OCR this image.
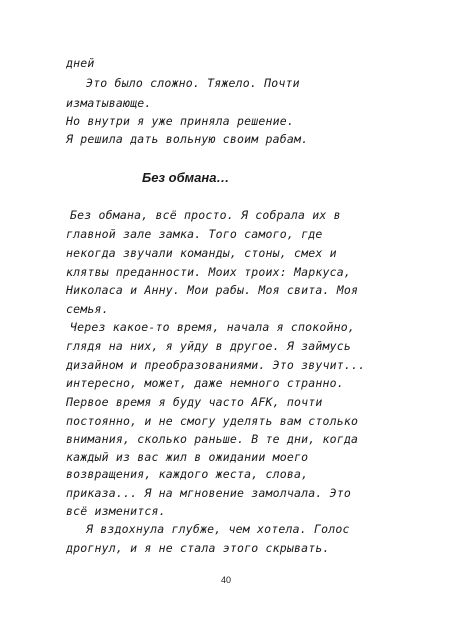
дней
Это было сложно. Тяжело. Почти
изматывающе.
Но внутри я уже приняла решение.
Я решила дать вольную своим рабам.
Без обмана…
Без обмана, всё просто. Я собрала их в
главной зале замка. Того самого, где
некогда звучали команды, стоны, смех и
клятвы преданности. Моих троих: Маркуса,
Николаса и Анну. Мои рабы. Моя свита. Моя
семья.
Через какое-то время, начала я спокойно,
глядя на них, я уйду в другое. Я займусь
дизайном и преобразованиями. Это звучит...
интересно, может, даже немного странно.
Первое время я буду часто AFK, почти
постоянно, и не смогу уделять вам столько
внимания, сколько раньше. В те дни, когда
каждый из вас жил в ожидании моего
возвращения, каждого жеста, слова,
приказа... Я на мгновение замолчала. Это
всё изменится.
Я вздохнула глубже, чем хотела. Голос
дрогнул, и я не стала этого скрывать.
40
